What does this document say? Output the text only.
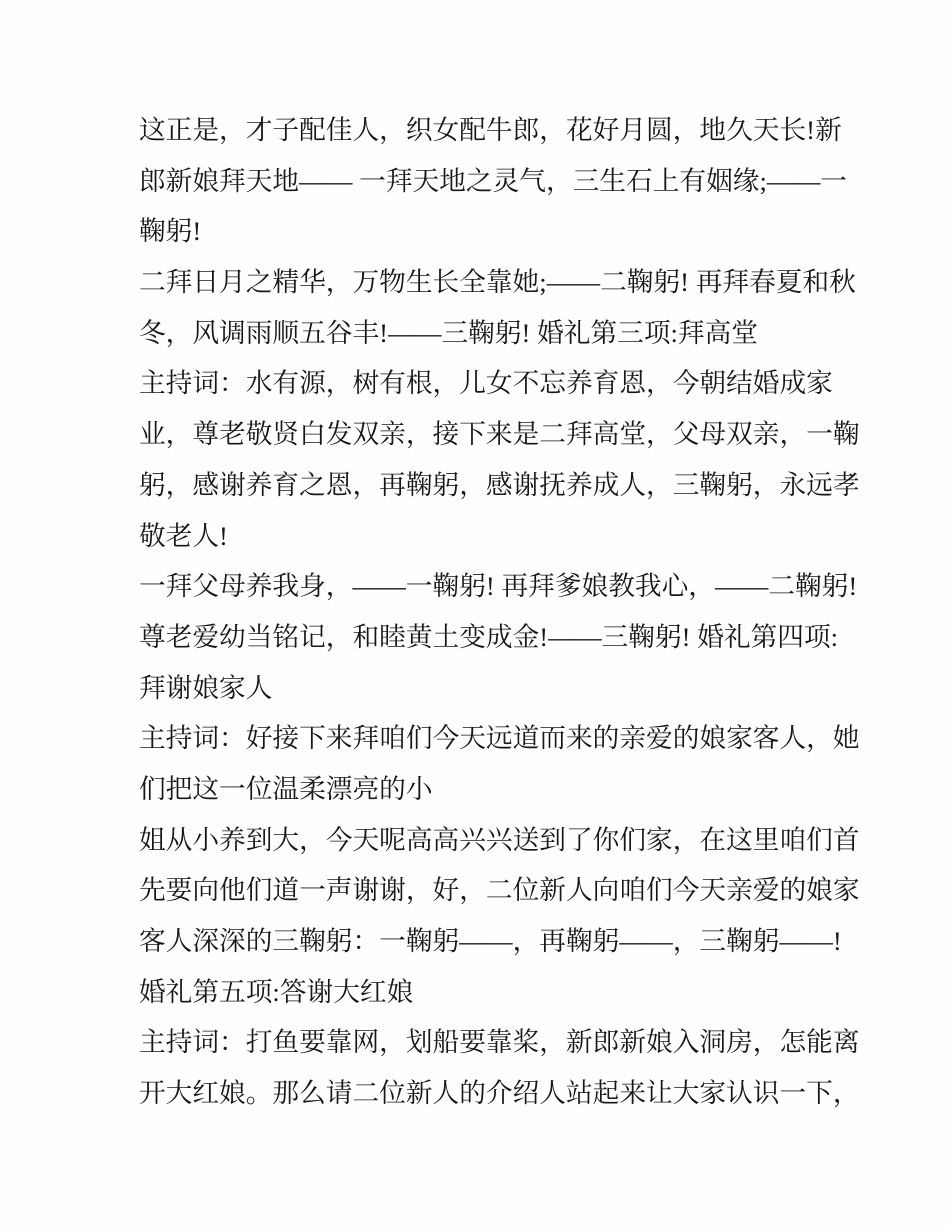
这正是，才子配佳人，织女配牛郎，花好月圆，地久天长!新
郎新娘拜天地—— 一拜天地之灵气，三生石上有姻缘;——一
鞠躬!
二拜日月之精华，万物生长全靠她;——二鞠躬! 再拜春夏和秋
冬，风调雨顺五谷丰!——三鞠躬! 婚礼第三项:拜高堂
主持词：水有源，树有根，儿女不忘养育恩，今朝结婚成家
业，尊老敬贤白发双亲，接下来是二拜高堂，父母双亲，一鞠
躬，感谢养育之恩，再鞠躬，感谢抚养成人，三鞠躬，永远孝
敬老人!
一拜父母养我身，——一鞠躬! 再拜爹娘教我心，——二鞠躬!
尊老爱幼当铭记，和睦黄土变成金!——三鞠躬! 婚礼第四项:
拜谢娘家人
主持词：好接下来拜咱们今天远道而来的亲爱的娘家客人，她
们把这一位温柔漂亮的小
姐从小养到大，今天呢高高兴兴送到了你们家，在这里咱们首
先要向他们道一声谢谢，好，二位新人向咱们今天亲爱的娘家
客人深深的三鞠躬：一鞠躬——，再鞠躬——，三鞠躬——!
婚礼第五项:答谢大红娘
主持词：打鱼要靠网，划船要靠桨，新郎新娘入洞房，怎能离
开大红娘。那么请二位新人的介绍人站起来让大家认识一下，
